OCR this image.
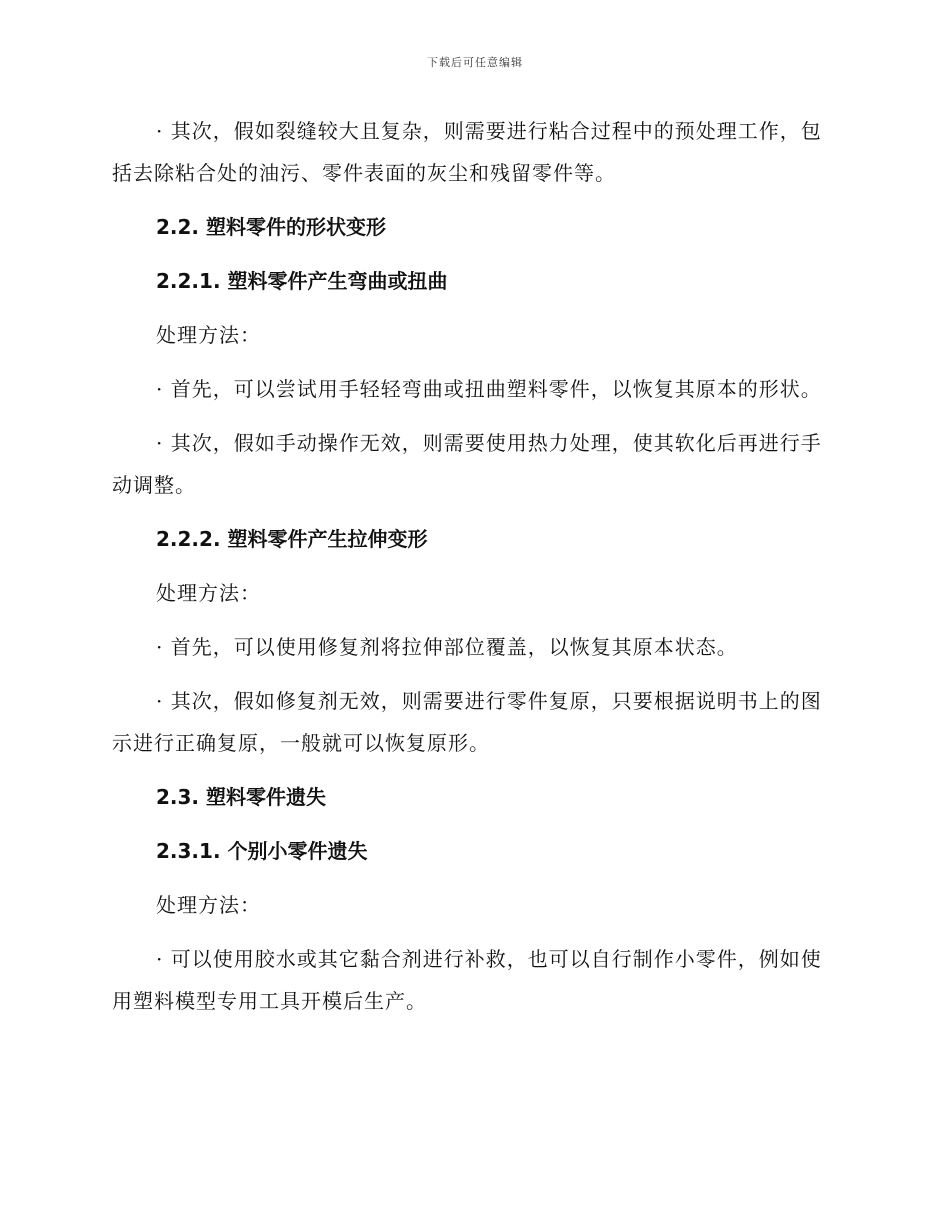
下载后可任意编辑

· 其次，假如裂缝较大且复杂，则需要进行粘合过程中的预处理工作，包括去除粘合处的油污、零件表面的灰尘和残留零件等。

2.2. 塑料零件的形状变形

2.2.1. 塑料零件产生弯曲或扭曲

处理方法：

· 首先，可以尝试用手轻轻弯曲或扭曲塑料零件，以恢复其原本的形状。

· 其次，假如手动操作无效，则需要使用热力处理，使其软化后再进行手动调整。

2.2.2. 塑料零件产生拉伸变形

处理方法：

· 首先，可以使用修复剂将拉伸部位覆盖，以恢复其原本状态。

· 其次，假如修复剂无效，则需要进行零件复原，只要根据说明书上的图示进行正确复原，一般就可以恢复原形。

2.3. 塑料零件遗失

2.3.1. 个别小零件遗失

处理方法：

· 可以使用胶水或其它黏合剂进行补救，也可以自行制作小零件，例如使用塑料模型专用工具开模后生产。
